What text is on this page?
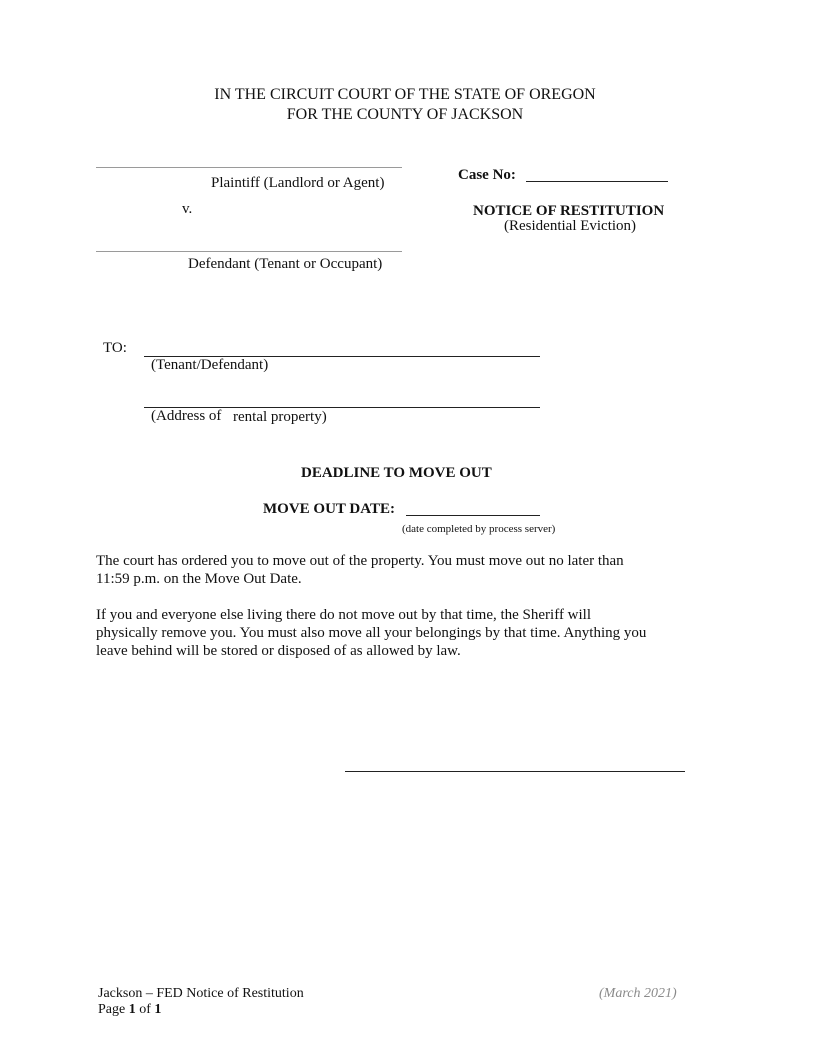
IN THE CIRCUIT COURT OF THE STATE OF OREGON
FOR THE COUNTY OF JACKSON
Plaintiff (Landlord or Agent)
v.
Defendant (Tenant or Occupant)
Case No:
NOTICE OF RESTITUTION
(Residential Eviction)
TO:
(Tenant/Defendant)
(Address of rental property)
DEADLINE TO MOVE OUT
MOVE OUT DATE:
(date completed by process server)
The court has ordered you to move out of the property. You must move out no later than
11:59 p.m. on the Move Out Date.
If you and everyone else living there do not move out by that time, the Sheriff will
physically remove you. You must also move all your belongings by that time. Anything you
leave behind will be stored or disposed of as allowed by law.
Jackson – FED Notice of Restitution
Page 1 of 1
(March 2021)
